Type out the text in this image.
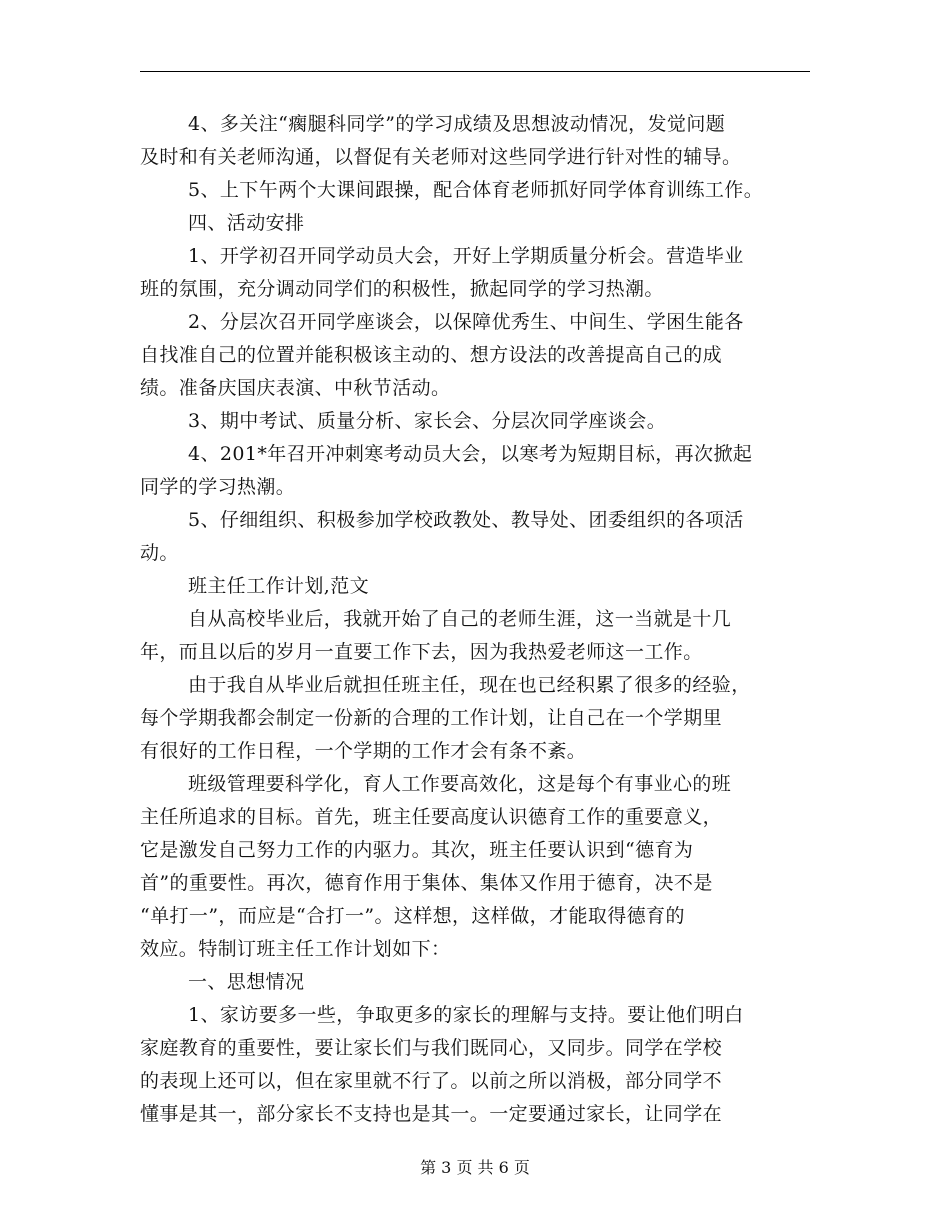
4、多关注“瘸腿科同学”的学习成绩及思想波动情况，发觉问题
及时和有关老师沟通，以督促有关老师对这些同学进行针对性的辅导。
5、上下午两个大课间跟操，配合体育老师抓好同学体育训练工作。
四、活动安排
1、开学初召开同学动员大会，开好上学期质量分析会。营造毕业
班的氛围，充分调动同学们的积极性，掀起同学的学习热潮。
2、分层次召开同学座谈会，以保障优秀生、中间生、学困生能各
自找准自己的位置并能积极该主动的、想方设法的改善提高自己的成
绩。准备庆国庆表演、中秋节活动。
3、期中考试、质量分析、家长会、分层次同学座谈会。
4、201*年召开冲刺寒考动员大会，以寒考为短期目标，再次掀起
同学的学习热潮。
5、仔细组织、积极参加学校政教处、教导处、团委组织的各项活
动。
班主任工作计划,范文
自从高校毕业后，我就开始了自己的老师生涯，这一当就是十几
年，而且以后的岁月一直要工作下去，因为我热爱老师这一工作。
由于我自从毕业后就担任班主任，现在也已经积累了很多的经验，
每个学期我都会制定一份新的合理的工作计划，让自己在一个学期里
有很好的工作日程，一个学期的工作才会有条不紊。
班级管理要科学化，育人工作要高效化，这是每个有事业心的班
主任所追求的目标。首先，班主任要高度认识德育工作的重要意义，
它是激发自己努力工作的内驱力。其次，班主任要认识到“德育为
首”的重要性。再次，德育作用于集体、集体又作用于德育，决不是
“单打一”，而应是“合打一”。这样想，这样做，才能取得德育的
效应。特制订班主任工作计划如下：
一、思想情况
1、家访要多一些，争取更多的家长的理解与支持。要让他们明白
家庭教育的重要性，要让家长们与我们既同心，又同步。同学在学校
的表现上还可以，但在家里就不行了。以前之所以消极，部分同学不
懂事是其一，部分家长不支持也是其一。一定要通过家长，让同学在
第 3 页 共 6 页
